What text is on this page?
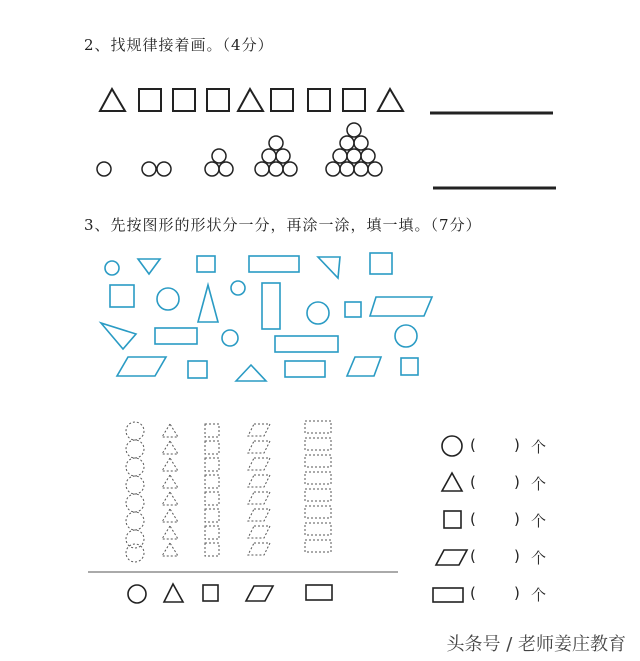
2、找规律接着画。（4分）
3、先按图形的形状分一分，再涂一涂，填一填。（7分）
(	) 个
(	) 个
(	) 个
(	) 个
(	) 个
头条号 / 老师姜庄教育
